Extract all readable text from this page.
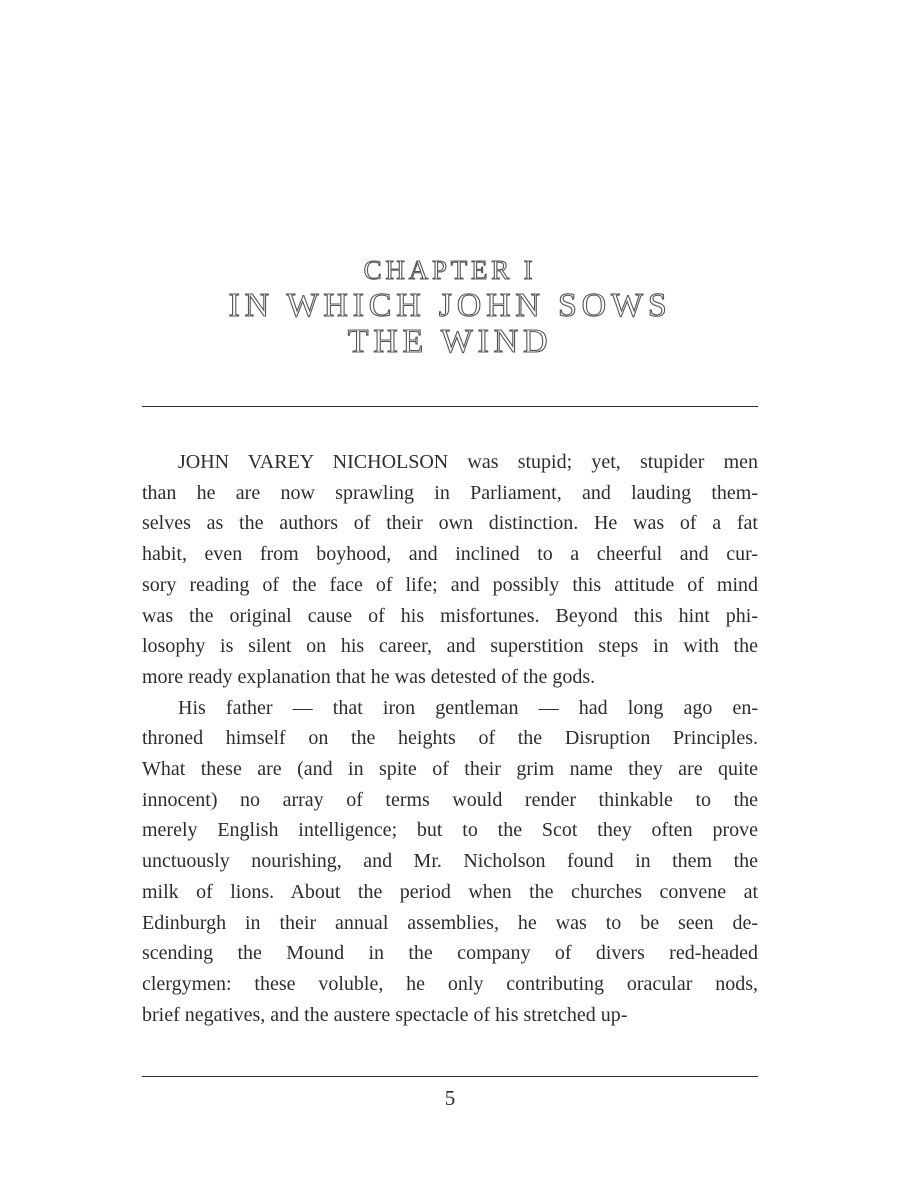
CHAPTER I
IN WHICH JOHN SOWS
THE WIND
JOHN VAREY NICHOLSON was stupid; yet, stupider men
than he are now sprawling in Parliament, and lauding them-
selves as the authors of their own distinction. He was of a fat
habit, even from boyhood, and inclined to a cheerful and cur-
sory reading of the face of life; and possibly this attitude of mind
was the original cause of his misfortunes. Beyond this hint phi-
losophy is silent on his career, and superstition steps in with the
more ready explanation that he was detested of the gods.
His father — that iron gentleman — had long ago en-
throned himself on the heights of the Disruption Principles.
What these are (and in spite of their grim name they are quite
innocent) no array of terms would render thinkable to the
merely English intelligence; but to the Scot they often prove
unctuously nourishing, and Mr. Nicholson found in them the
milk of lions. About the period when the churches convene at
Edinburgh in their annual assemblies, he was to be seen de-
scending the Mound in the company of divers red-headed
clergymen: these voluble, he only contributing oracular nods,
brief negatives, and the austere spectacle of his stretched up-
5
